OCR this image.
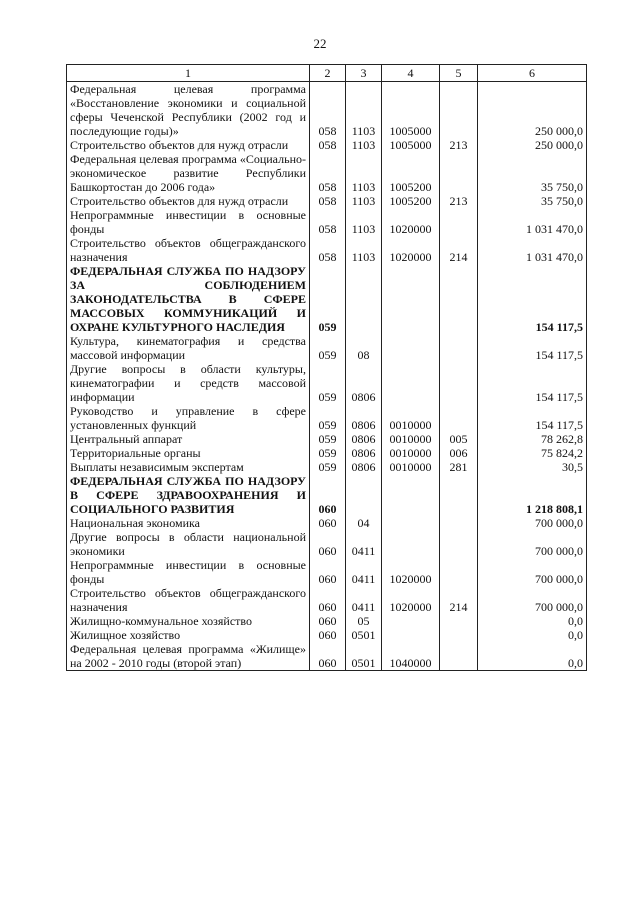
22
1	2	3	4	5	6
Федеральная целевая программа «Восстановление экономики и социальной сферы Чеченской Республики (2002 год и последующие годы)»	058	1103	1005000		250 000,0
Строительство объектов для нужд отрасли	058	1103	1005000	213	250 000,0
Федеральная целевая программа «Социально-экономическое развитие Республики Башкортостан до 2006 года»	058	1103	1005200		35 750,0
Строительство объектов для нужд отрасли	058	1103	1005200	213	35 750,0
Непрограммные инвестиции в основные фонды	058	1103	1020000		1 031 470,0
Строительство объектов общегражданского назначения	058	1103	1020000	214	1 031 470,0
ФЕДЕРАЛЬНАЯ СЛУЖБА ПО НАДЗОРУ ЗА СОБЛЮДЕНИЕМ ЗАКОНОДАТЕЛЬСТВА В СФЕРЕ МАССОВЫХ КОММУНИКАЦИЙ И ОХРАНЕ КУЛЬТУРНОГО НАСЛЕДИЯ	059				154 117,5
Культура, кинематография и средства массовой информации	059	08			154 117,5
Другие вопросы в области культуры, кинематографии и средств массовой информации	059	0806			154 117,5
Руководство и управление в сфере установленных функций	059	0806	0010000		154 117,5
Центральный аппарат	059	0806	0010000	005	78 262,8
Территориальные органы	059	0806	0010000	006	75 824,2
Выплаты независимым экспертам	059	0806	0010000	281	30,5
ФЕДЕРАЛЬНАЯ СЛУЖБА ПО НАДЗОРУ В СФЕРЕ ЗДРАВООХРАНЕНИЯ И СОЦИАЛЬНОГО РАЗВИТИЯ	060				1 218 808,1
Национальная экономика	060	04			700 000,0
Другие вопросы в области национальной экономики	060	0411			700 000,0
Непрограммные инвестиции в основные фонды	060	0411	1020000		700 000,0
Строительство объектов общегражданского назначения	060	0411	1020000	214	700 000,0
Жилищно-коммунальное хозяйство	060	05			0,0
Жилищное хозяйство	060	0501			0,0
Федеральная целевая программа «Жилище» на 2002 - 2010 годы (второй этап)	060	0501	1040000		0,0
